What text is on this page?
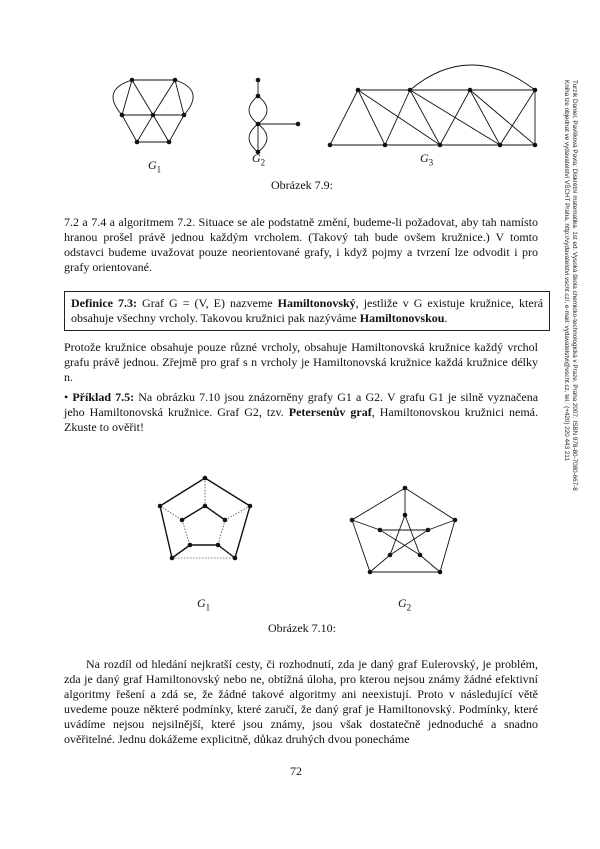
Turzík Daniel, Pavlíková Pavla: Diskrétní matematika. 1st ed. Vysoká škola chemicko-technologická v Praze, Praha 2007. ISBN 978-80-7080-667-8
Kniha lze objednat ve vydavatelství VŠCHT Praha, http://vydavatelstvi.vscht.cz/, e-mail: vydavatelstvi@vscht.cz, tel.: (+420) 220 443 211
$G_1$
$G_2$	$G_3$
Obrázek 7.9:
7.2 a 7.4 a algoritmem 7.2. Situace se ale podstatně změní, budeme-li požadovat, aby tah namísto hranou prošel právě jednou každým vrcholem. (Takový tah bude ovšem kružnice.) V tomto odstavci budeme uvažovat pouze neorientované grafy, i když pojmy a tvrzení lze odvodit i pro grafy orientované.
Definice 7.3: Graf G = (V, E) nazveme Hamiltonovský, jestliže v G existuje kružnice, která obsahuje všechny vrcholy. Takovou kružnici pak nazýváme Hamiltonovskou.
Protože kružnice obsahuje pouze různé vrcholy, obsahuje Hamiltonovská kružnice každý vrchol grafu právě jednou. Zřejmě pro graf s n vrcholy je Hamiltonovská kružnice každá kružnice délky n.
• Příklad 7.5: Na obrázku 7.10 jsou znázorněny grafy G1 a G2. V grafu G1 je silně vyznačena jeho Hamiltonovská kružnice. Graf G2, tzv. Petersenův graf, Hamiltonovskou kružnici nemá. Zkuste to ověřit!
$G_1$	$G_2$
Obrázek 7.10:
Na rozdíl od hledání nejkratší cesty, či rozhodnutí, zda je daný graf Eulerovský, je problém, zda je daný graf Hamiltonovský nebo ne, obtížná úloha, pro kterou nejsou známy žádné efektivní algoritmy řešení a zdá se, že žádné takové algoritmy ani neexistují. Proto v následující větě uvedeme pouze některé podmínky, které zaručí, že daný graf je Hamiltonovský. Podmínky, které uvádíme nejsou nejsilnější, které jsou známy, jsou však dostatečně jednoduché a snadno ověřitelné. Jednu dokážeme explicitně, důkaz druhých dvou ponecháme
72
